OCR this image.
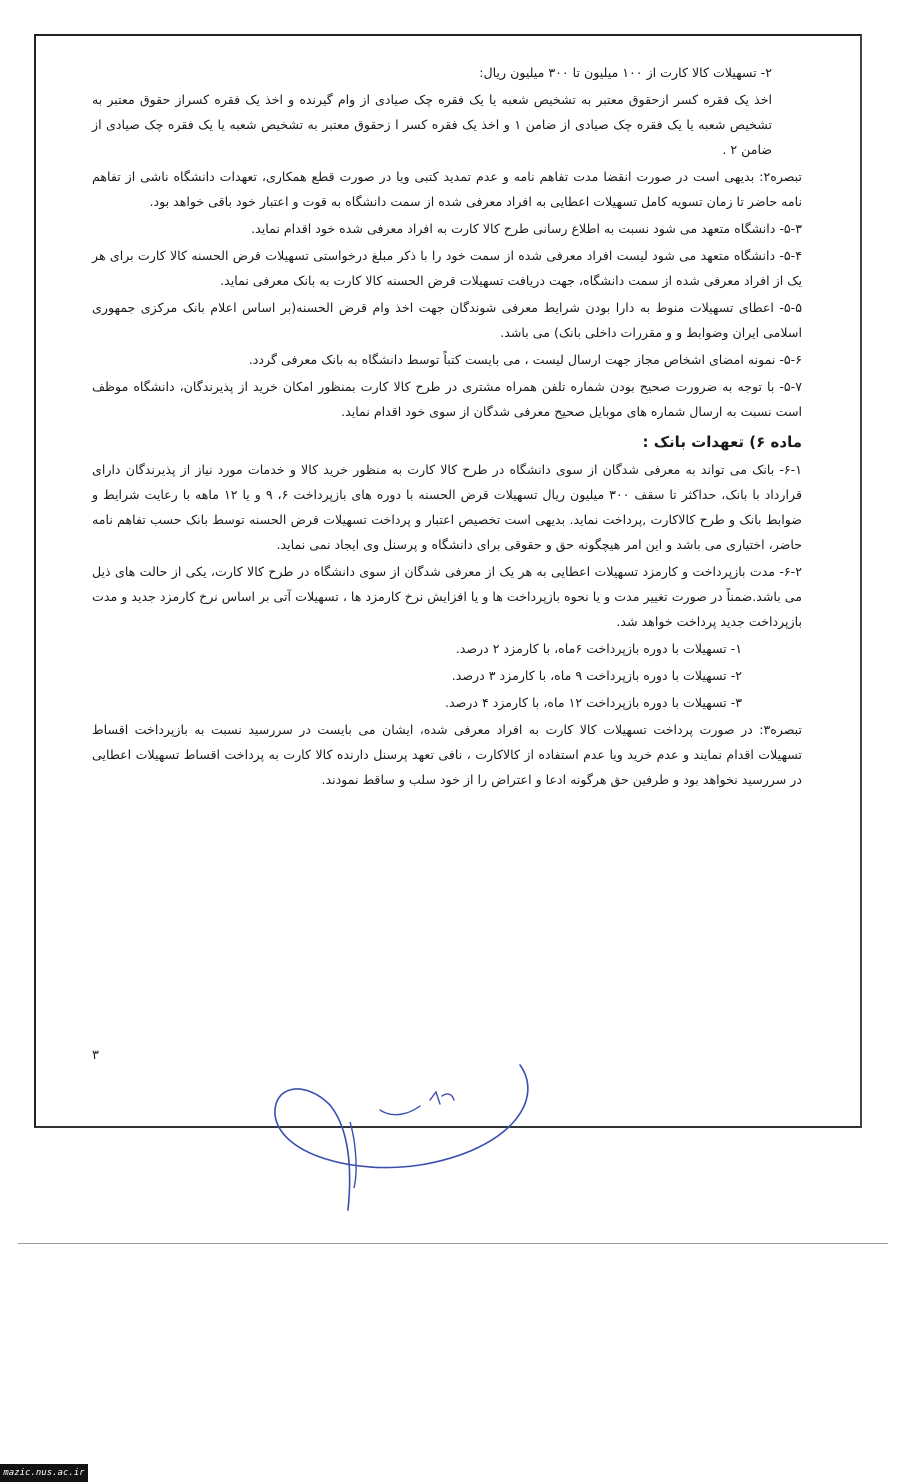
۲- تسهیلات کالا کارت از ۱۰۰ میلیون تا ۳۰۰ میلیون ریال:

اخذ یک فقره کسر ازحقوق معتبر به تشخیص شعبه یا یک فقره چک صیادی از وام گیرنده و اخذ یک فقره کسراز حقوق معتبر به تشخیص شعبه یا یک فقره چک صیادی از ضامن ۱ و اخذ یک فقره کسر ا زحقوق معتبر به تشخیص شعبه یا یک فقره چک صیادی از ضامن ۲ .

تبصره۲: بدیهی است در صورت انقضا مدت تفاهم نامه و عدم تمدید کتبی ویا در صورت قطع همکاری، تعهدات دانشگاه ناشی از تفاهم نامه حاضر تا زمان تسویه کامل تسهیلات اعطایی به افراد معرفی شده از سمت دانشگاه به قوت و اعتبار خود باقی خواهد بود.

۵-۳- دانشگاه متعهد می شود نسبت به اطلاع رسانی طرح کالا کارت به افراد معرفی شده خود اقدام نماید.

۵-۴- دانشگاه متعهد می شود لیست افراد معرفی شده از سمت خود را با ذکر مبلغ درخواستی تسهیلات قرض الحسنه کالا کارت برای هر یک از افراد معرفی شده از سمت دانشگاه، جهت دریافت تسهیلات قرض الحسنه کالا کارت به بانک معرفی نماید.

۵-۵- اعطای تسهیلات منوط به دارا بودن شرایط معرفی شوندگان جهت اخذ وام قرض الحسنه(بر اساس اعلام بانک مرکزی جمهوری اسلامی ایران وضوابط و و مقررات داخلی بانک) می باشد.

۵-۶- نمونه امضای اشخاص مجاز جهت ارسال لیست ، می بایست کتباً توسط دانشگاه به بانک معرفی گردد.

۵-۷- با توجه به ضرورت صحیح بودن شماره تلفن همراه مشتری در طرح کالا کارت بمنظور امکان خرید از پذیرندگان، دانشگاه موظف است نسبت به ارسال شماره های موبایل صحیح معرفی شدگان از سوی خود اقدام نماید.

ماده ۶) تعهدات بانک :

۶-۱- بانک می تواند به معرفی شدگان از سوی دانشگاه در طرح کالا کارت به منظور خرید کالا و خدمات مورد نیاز از پذیرندگان دارای قرارداد با بانک، حداکثر تا سقف ۳۰۰ میلیون ریال تسهیلات قرض الحسنه با دوره های بازپرداخت ۶، ۹ و یا ۱۲ ماهه با رعایت شرایط و ضوابط بانک و طرح کالاکارت ,پرداخت نماید. بدیهی است تخصیص اعتبار و پرداخت تسهیلات قرض الحسنه توسط بانک حسب تفاهم نامه حاضر، اختیاری می باشد و این امر هیچگونه حق و حقوقی برای دانشگاه و پرسنل وی ایجاد نمی نماید.

۶-۲- مدت بازپرداخت و کارمزد تسهیلات اعطایی به هر یک از معرفی شدگان از سوی دانشگاه در طرح کالا کارت، یکی از حالت های ذیل می باشد.ضمناً در صورت تغییر مدت و یا نحوه بازپرداخت ها و یا افزایش نرخ کارمزد ها ، تسهیلات آتی بر اساس نرخ کارمزد جدید و مدت بازپرداخت جدید پرداخت خواهد شد.

۱- تسهیلات با دوره بازپرداخت ۶ماه، با کارمزد ۲ درصد.

۲- تسهیلات با دوره بازپرداخت ۹ ماه، با کارمزد ۳ درصد.

۳- تسهیلات با دوره بازپرداخت ۱۲ ماه، با کارمزد ۴ درصد.

تبصره۳: در صورت پرداخت تسهیلات کالا کارت به افراد معرفی شده، ایشان می بایست در سررسید نسبت به بازپرداخت اقساط تسهیلات اقدام نمایند و عدم خرید ویا عدم استفاده از کالاکارت ، نافی تعهد پرسنل دارنده کالا کارت به پرداخت اقساط تسهیلات اعطایی در سررسید نخواهد بود و طرفین حق هرگونه ادعا و اعتراض را از خود سلب و ساقط نمودند.

۳
mazic.nus.ac.ir
